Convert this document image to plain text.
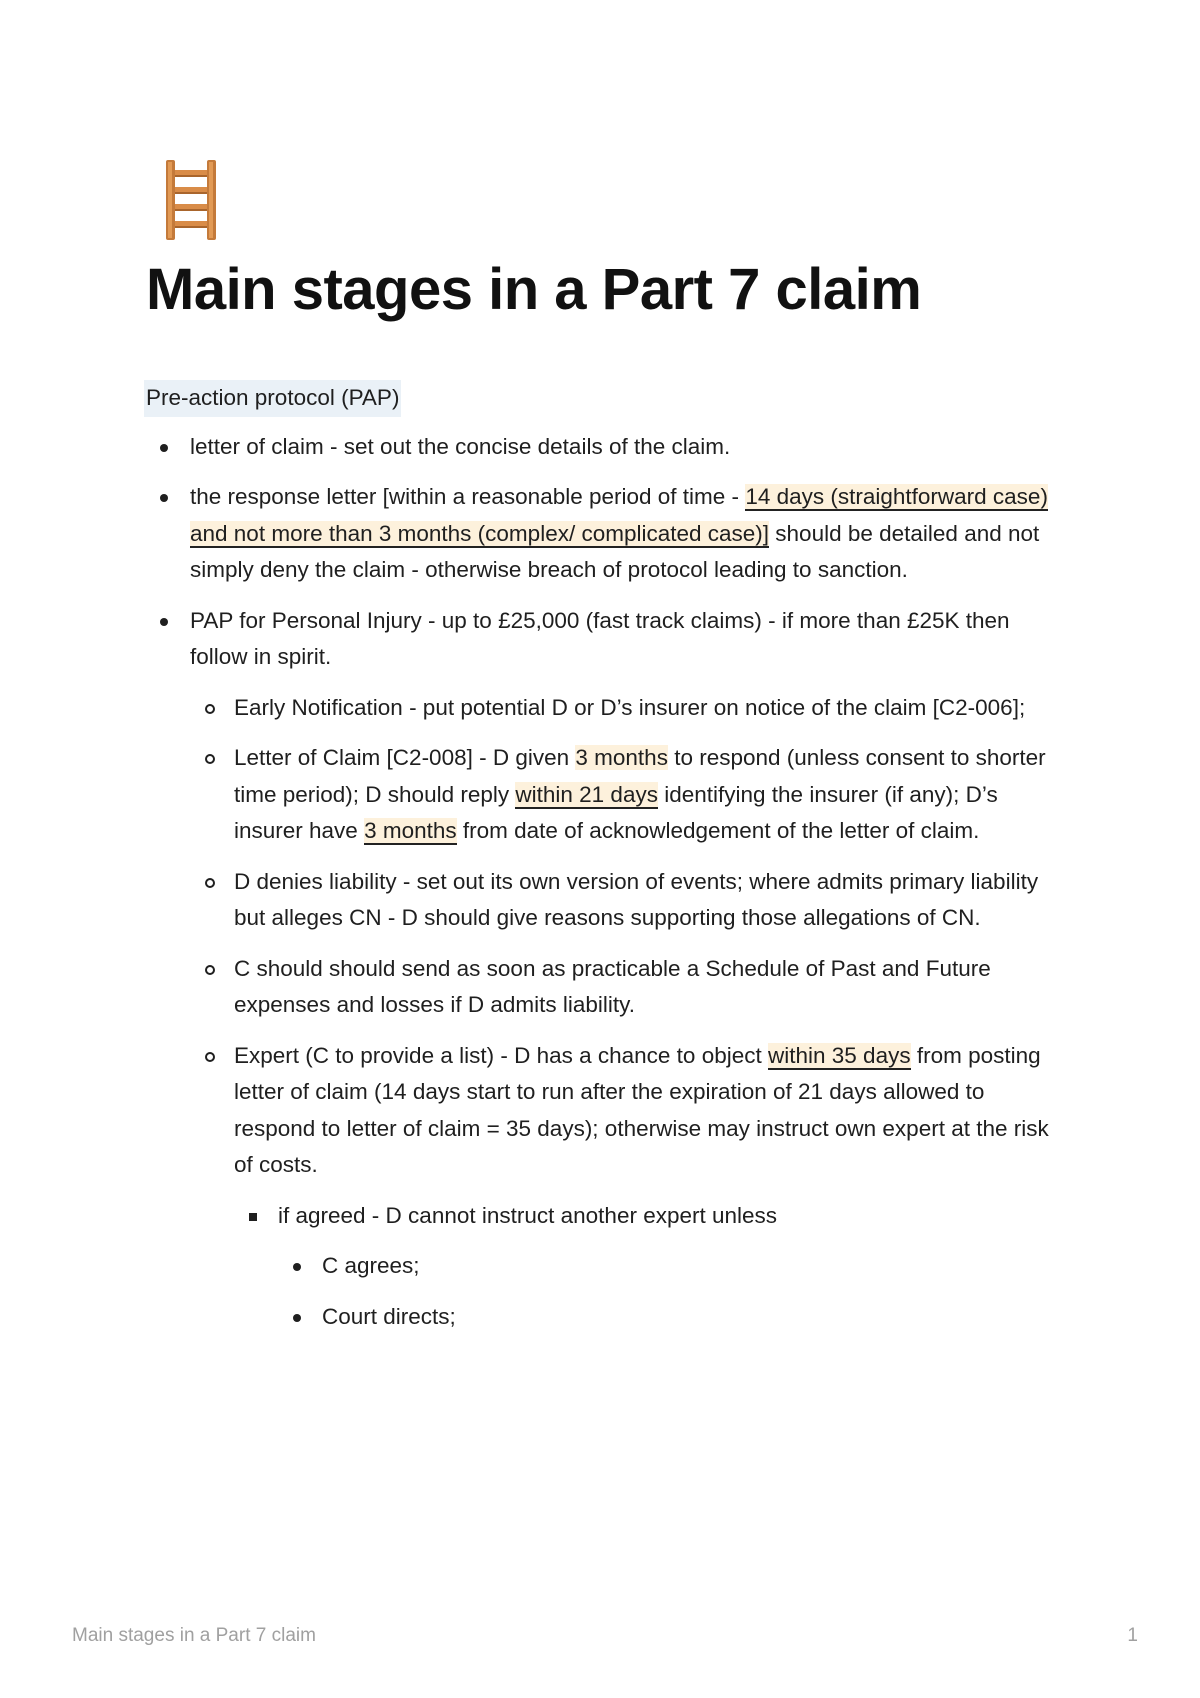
Main stages in a Part 7 claim
Pre-action protocol (PAP)
letter of claim - set out the concise details of the claim.
the response letter [within a reasonable period of time - 14 days (straightforward case) and not more than 3 months (complex/ complicated case)] should be detailed and not simply deny the claim - otherwise breach of protocol leading to sanction.
PAP for Personal Injury - up to £25,000 (fast track claims) - if more than £25K then follow in spirit.
Early Notification - put potential D or D’s insurer on notice of the claim [C2-006];
Letter of Claim [C2-008] - D given 3 months to respond (unless consent to shorter time period); D should reply within 21 days identifying the insurer (if any); D’s insurer have 3 months from date of acknowledgement of the letter of claim.
D denies liability - set out its own version of events; where admits primary liability but alleges CN - D should give reasons supporting those allegations of CN.
C should should send as soon as practicable a Schedule of Past and Future expenses and losses if D admits liability.
Expert (C to provide a list) - D has a chance to object within 35 days from posting letter of claim (14 days start to run after the expiration of 21 days allowed to respond to letter of claim = 35 days); otherwise may instruct own expert at the risk of costs.
if agreed - D cannot instruct another expert unless
C agrees;
Court directs;
Main stages in a Part 7 claim	1
